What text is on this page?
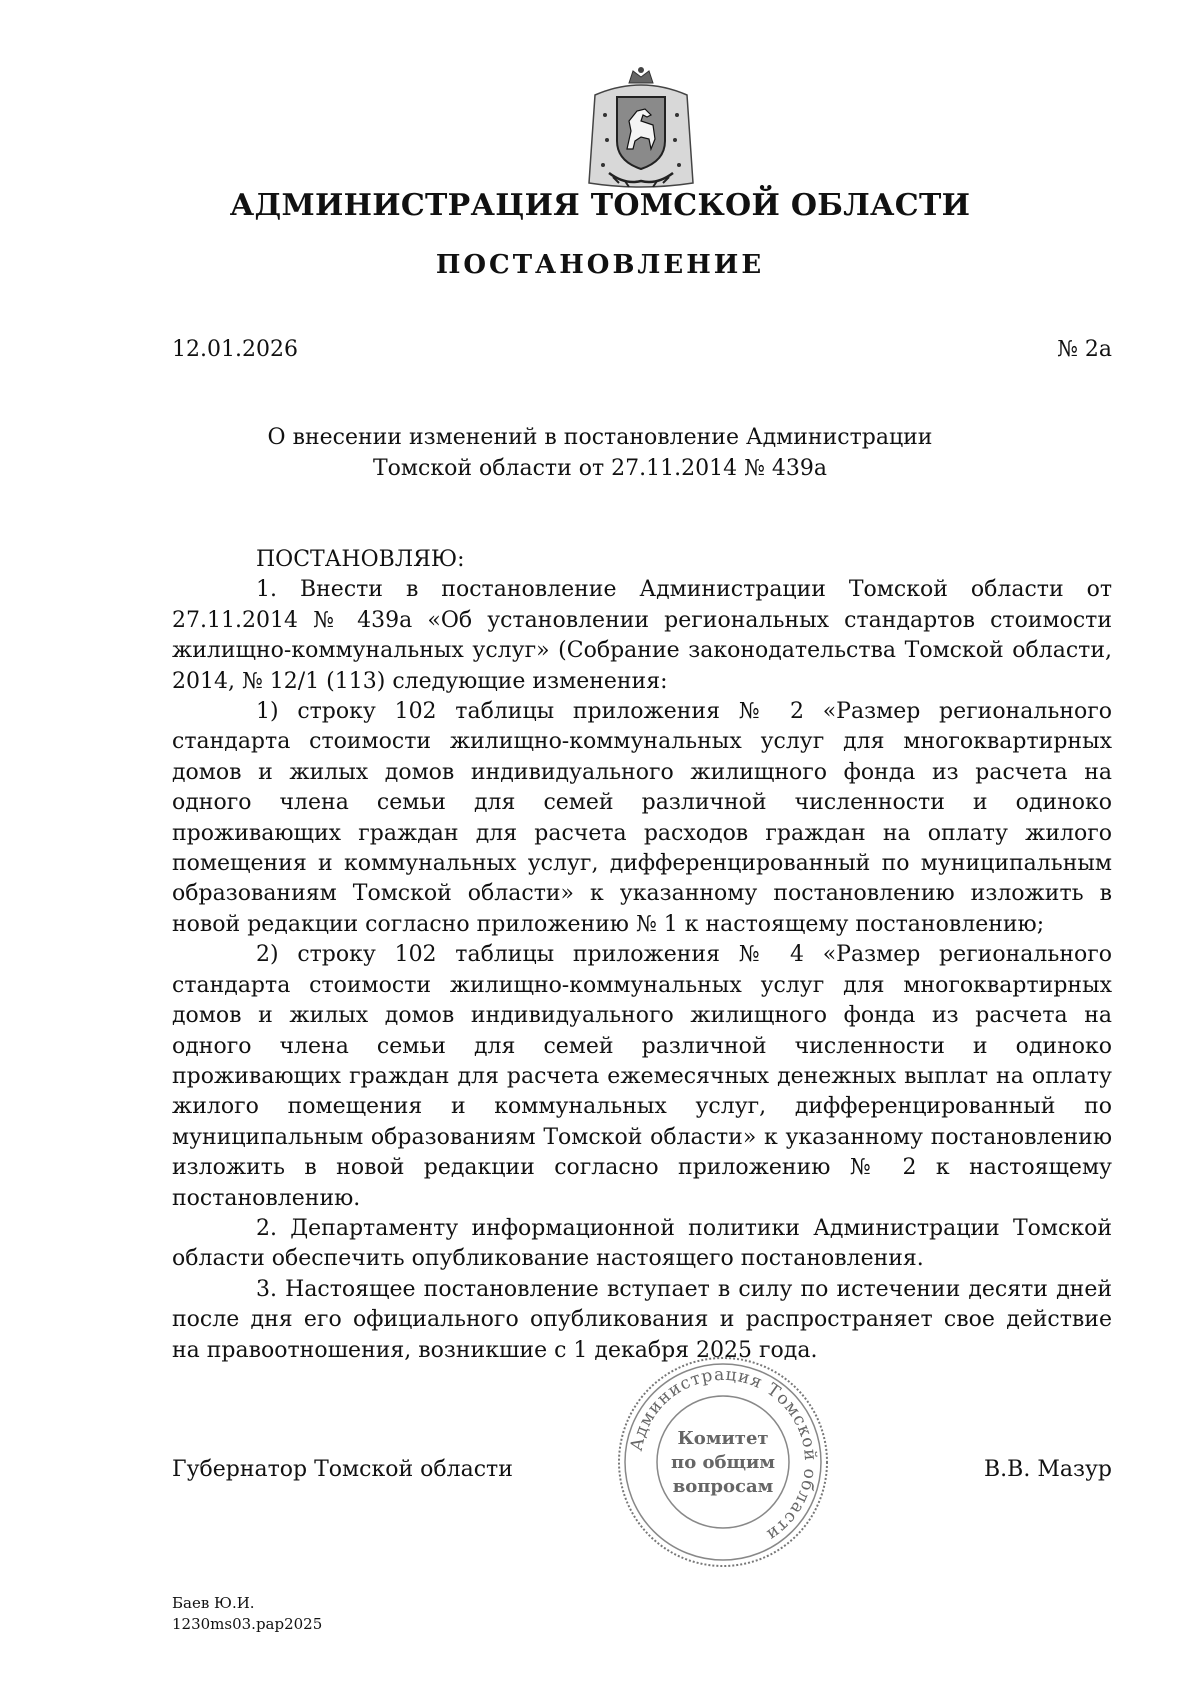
АДМИНИСТРАЦИЯ ТОМСКОЙ ОБЛАСТИ
ПОСТАНОВЛЕНИЕ
12.01.2026	№ 2а
О внесении изменений в постановление Администрации
Томской области от 27.11.2014 № 439а

ПОСТАНОВЛЯЮ:

1. Внести в постановление Администрации Томской области от 27.11.2014 № 439а «Об установлении региональных стандартов стоимости жилищно-коммунальных услуг» (Собрание законодательства Томской области, 2014, № 12/1 (113) следующие изменения:

1) строку 102 таблицы приложения № 2 «Размер регионального стандарта стоимости жилищно-коммунальных услуг для многоквартирных домов и жилых домов индивидуального жилищного фонда из расчета на одного члена семьи для семей различной численности и одиноко проживающих граждан для расчета расходов граждан на оплату жилого помещения и коммунальных услуг, дифференцированный по муниципальным образованиям Томской области» к указанному постановлению изложить в новой редакции согласно приложению № 1 к настоящему постановлению;

2) строку 102 таблицы приложения № 4 «Размер регионального стандарта стоимости жилищно-коммунальных услуг для многоквартирных домов и жилых домов индивидуального жилищного фонда из расчета на одного члена семьи для семей различной численности и одиноко проживающих граждан для расчета ежемесячных денежных выплат на оплату жилого помещения и коммунальных услуг, дифференцированный по муниципальным образованиям Томской области» к указанному постановлению изложить в новой редакции согласно приложению № 2 к настоящему постановлению.

2. Департаменту информационной политики Администрации Томской области обеспечить опубликование настоящего постановления.

3. Настоящее постановление вступает в силу по истечении десяти дней после дня его официального опубликования и распространяет свое действие на правоотношения, возникшие с 1 декабря 2025 года.

Администрация Томской области
Комитет
по общим
вопросам
Губернатор Томской области	В.В. Мазур
Баев Ю.И.
1230ms03.pap2025
